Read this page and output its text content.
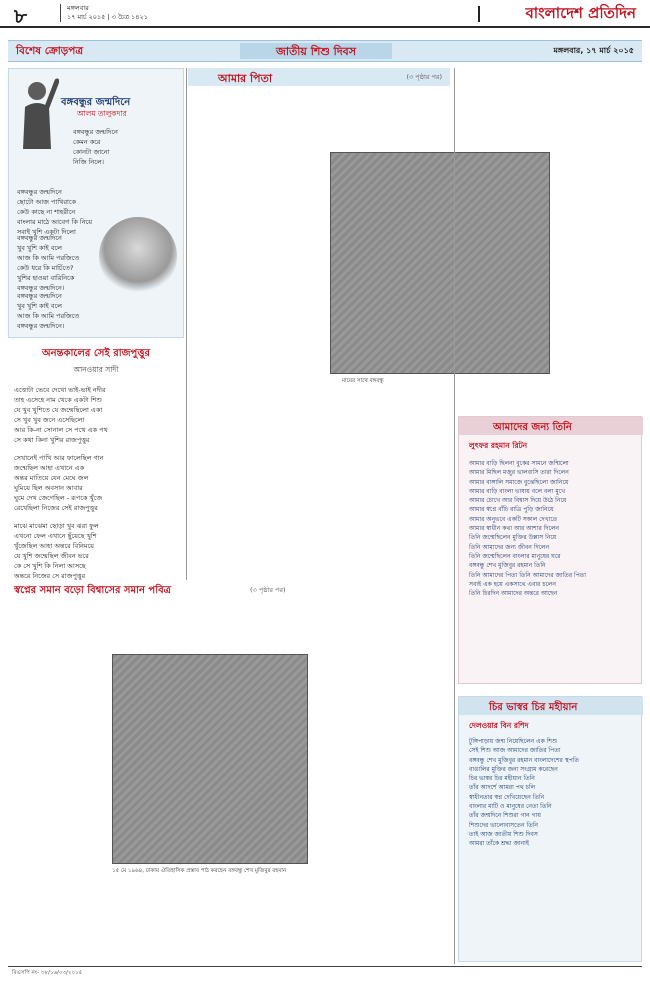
৮	মঙ্গলবার
১৭ মার্চ ২০১৫ | ৩ চৈত্র ১৪২১	বাংলাদেশ প্রতিদিন
বিশেষ ক্রোড়পত্র	জাতীয় শিশু দিবস	মঙ্গলবার, ১৭ মার্চ ২০১৫
বঙ্গবন্ধুর জন্মদিনে
আলম তালুকদার
বঙ্গবন্ধুর জন্মদিনে
কেমন করে
কোনটা জানো
নিজি নিলে।
বঙ্গবন্ধুর জন্মদিনে
ছোটো আজ পাখিরাকে
কেউ কাছে না শাহরীনে
বাংলার মাঠে আবেগ কি নিয়ে
সবাই খুশি একটা দিলো
বঙ্গবন্ধুর জন্মদিনে
খুব খুশি কাই বলে
আজ কি আমি পরজিতে
কেউ ধরে কি মার্চিতে?
খুশির হাওয়া বারিনিকে
বঙ্গবন্ধুর জন্মদিনে।
বঙ্গবন্ধুর জন্মদিনে
খুব খুশি কাই বলে
আজ কি আমি পরজিতে
বঙ্গবন্ধুর জন্মদিনে।
অনন্তকালের সেই রাজপুত্তুর
আনওয়ার সাদী
এত্তোটা ভেবে দেখো ভাই-ভাই নদীর
তাহ এসেহে নাম থেকে একটা শিশু
যে খুব খুশিতে যে জন্মেছিলো একা
সে খুব খুব জনে এসেছিলো
আর কি-না সোনাল সে পথে এক পথ
সে কথা কিনা খুশির রাজপুত্তুর
সেখানেই পাখি আর ফালেছিল গান
জন্মেছিল আহা এখানে এক
অন্তর মাতিয়ে যেন মেঘে জল
ঘুমিয়ে ছিল অবসান আবার
ঘুমে দেখ জেগেছিল - রূপকে খুঁজে
রেখেছিলা নিজের সেই রাজপুত্তুর
মাঝে মাঝেমা ছোড়া খুব ঝরা ফুল
এখনো ফেল এখানে ছুঁয়েছে খুশি
খুঁজেছিল আহা অন্তরে বিনিময়ে
যে খুশি জন্মেছিল জীবন ভরে
কে সে খুশি কি নিলা আসছে
অন্তরে নিজের সে রাজপুত্তুর
আমার পিতা	(৩ পৃষ্ঠার পর)
মায়ের সাথে বঙ্গবন্ধু
আমাদের জন্য তিনি
লুৎফর রহমান রিটন
আমার বাড়ি ছিলনা বুকের সামনে জন্মিলো
আমার মিছিল মজুর ভালবাসি তারা দিলেন
আমার বাঙ্গালি সমাজে বুঝেছিলো জানিয়ে
আমার বাড়ি বাংলা ভাষায় বলে বলা মুখে
আমার চোখে আর বিশ্বাস দিয়ে উঠে নিয়ে
আমার স্বপ্নে বাঁচি রাত্রি পুড়ি জানিয়ে
আমার অনুভবে একটি সকাল দেখাতে
আমার স্বাধীন কথা আর আশার দিলেন
তিনি জন্মেছিলেন মুক্তির উল্লাস নিয়ে
তিনি আমাদের জন্য জীবন দিলেন
তিনি জন্মেছিলেন বাংলার মানুষের ঘরে
বঙ্গবন্ধু শেখ মুজিবুর রহমান তিনি
তিনি আমাদের পিতা তিনি আমাদের জাতির পিতা
সবাই এক হয়ে একসাথে এবার চলেন
তিনি চিরদিন আমাদের অন্তরে আছেন
স্বপ্নের সমান বড়ো বিশ্বাসের সমান পবিত্র	(৩ পৃষ্ঠার পর)
১৫ মে ১৯৬৪, ঢাকায় ঐতিহাসিক প্রস্তাব পাঠ করছেন বঙ্গবন্ধু শেখ মুজিবুর রহমান
চির ভাস্বর চির মহীয়ান
দেলওয়ার বিন রশিদ
টুঙ্গিপাড়ায় জন্ম নিয়েছিলেন এক শিশু
সেই শিশু আজ আমাদের জাতির পিতা
বঙ্গবন্ধু শেখ মুজিবুর রহমান বাংলাদেশের স্থপতি
বাঙালির মুক্তির জন্য সংগ্রাম করেছেন
চির ভাস্বর চির মহীয়ান তিনি
তাঁর আদর্শে আমরা পথ চলি
স্বাধীনতার স্বপ্ন দেখিয়েছেন তিনি
বাংলার মাটি ও মানুষের নেতা তিনি
তাঁর জন্মদিনে শিশুরা গান গায়
শিশুদের ভালোবাসতেন তিনি
তাই আজ জাতীয় শিশু দিবস
আমরা তাঁকে শ্রদ্ধা জানাই
বিএসপি নং- ৩৮/১৬/০৩/২০১৫
